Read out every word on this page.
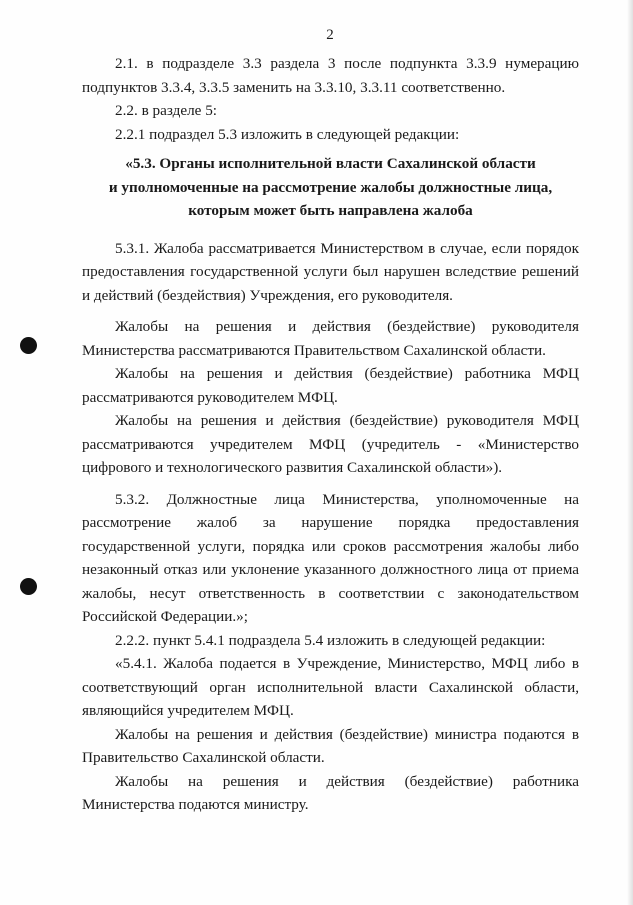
2

2.1. в подразделе 3.3 раздела 3 после подпункта 3.3.9 нумерацию подпунктов 3.3.4, 3.3.5 заменить на 3.3.10, 3.3.11 соответственно.

2.2. в разделе 5:

2.2.1 подраздел 5.3 изложить в следующей редакции:

«5.3. Органы исполнительной власти Сахалинской области
и уполномоченные на рассмотрение жалобы должностные лица,
которым может быть направлена жалоба

5.3.1. Жалоба рассматривается Министерством в случае, если порядок предоставления государственной услуги был нарушен вследствие решений и действий (бездействия) Учреждения, его руководителя.

Жалобы на решения и действия (бездействие) руководителя Министерства рассматриваются Правительством Сахалинской области.

Жалобы на решения и действия (бездействие) работника МФЦ рассматриваются руководителем МФЦ.

Жалобы на решения и действия (бездействие) руководителя МФЦ рассматриваются учредителем МФЦ (учредитель - «Министерство цифрового и технологического развития Сахалинской области»).

5.3.2. Должностные лица Министерства, уполномоченные на рассмотрение жалоб за нарушение порядка предоставления государственной услуги, порядка или сроков рассмотрения жалобы либо незаконный отказ или уклонение указанного должностного лица от приема жалобы, несут ответственность в соответствии с законодательством Российской Федерации.»;

2.2.2. пункт 5.4.1 подраздела 5.4 изложить в следующей редакции:

«5.4.1. Жалоба подается в Учреждение, Министерство, МФЦ либо в соответствующий орган исполнительной власти Сахалинской области, являющийся учредителем МФЦ.

Жалобы на решения и действия (бездействие) министра подаются в Правительство Сахалинской области.

Жалобы на решения и действия (бездействие) работника Министерства подаются министру.
